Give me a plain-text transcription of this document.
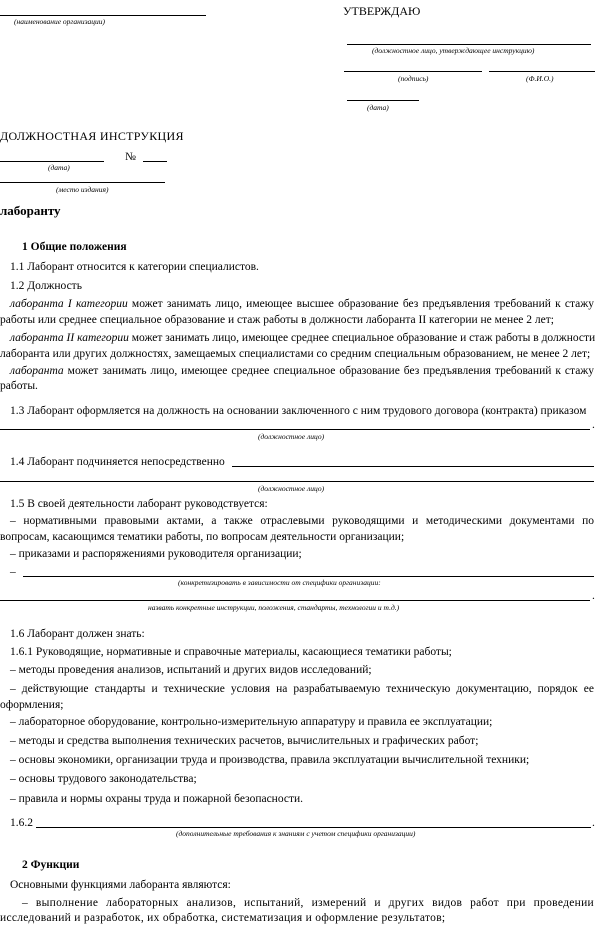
(наименование организации)
УТВЕРЖДАЮ
(должностное лицо, утверждающее инструкцию)
(подпись)	(Ф.И.О.)
(дата)
ДОЛЖНОСТНАЯ ИНСТРУКЦИЯ
№
(дата)
(место издания)
лаборанту
1 Общие положения
1.1 Лаборант относится к категории специалистов.
1.2 Должность
лаборанта I категории может занимать лицо, имеющее высшее образование без предъявления требований к стажу
работы или среднее специальное образование и стаж работы в должности лаборанта II категории не менее 2 лет;
лаборанта II категории может занимать лицо, имеющее среднее специальное образование и стаж работы в должности
лаборанта или других должностях, замещаемых специалистами со средним специальным образованием, не менее 2 лет;
лаборанта может занимать лицо, имеющее среднее специальное образование без предъявления требований к стажу
работы.
1.3 Лаборант оформляется на должность на основании заключенного с ним трудового договора (контракта) приказом
.
(должностное лицо)
1.4 Лаборант подчиняется непосредственно
(должностное лицо)
1.5 В своей деятельности лаборант руководствуется:
– нормативными правовыми актами, а также отраслевыми руководящими и методическими документами по
вопросам, касающимся тематики работы, по вопросам деятельности организации;
– приказами и распоряжениями руководителя организации;
–
(конкретизировать в зависимости от специфики организации:
.
назвать конкретные инструкции, положения, стандарты, технологии и т.д.)
1.6 Лаборант должен знать:
1.6.1 Руководящие, нормативные и справочные материалы, касающиеся тематики работы;
– методы проведения анализов, испытаний и других видов исследований;
– действующие стандарты и технические условия на разрабатываемую техническую документацию, порядок ее
оформления;
– лабораторное оборудование, контрольно-измерительную аппаратуру и правила ее эксплуатации;
– методы и средства выполнения технических расчетов, вычислительных и графических работ;
– основы экономики, организации труда и производства, правила эксплуатации вычислительной техники;
– основы трудового законодательства;
– правила и нормы охраны труда и пожарной безопасности.
1.6.2	.
(дополнительные требования к знаниям с учетом специфики организации)
2 Функции
Основными функциями лаборанта являются:
– выполнение лабораторных анализов, испытаний, измерений и других видов работ при проведении
исследований и разработок, их обработка, систематизация и оформление результатов;
